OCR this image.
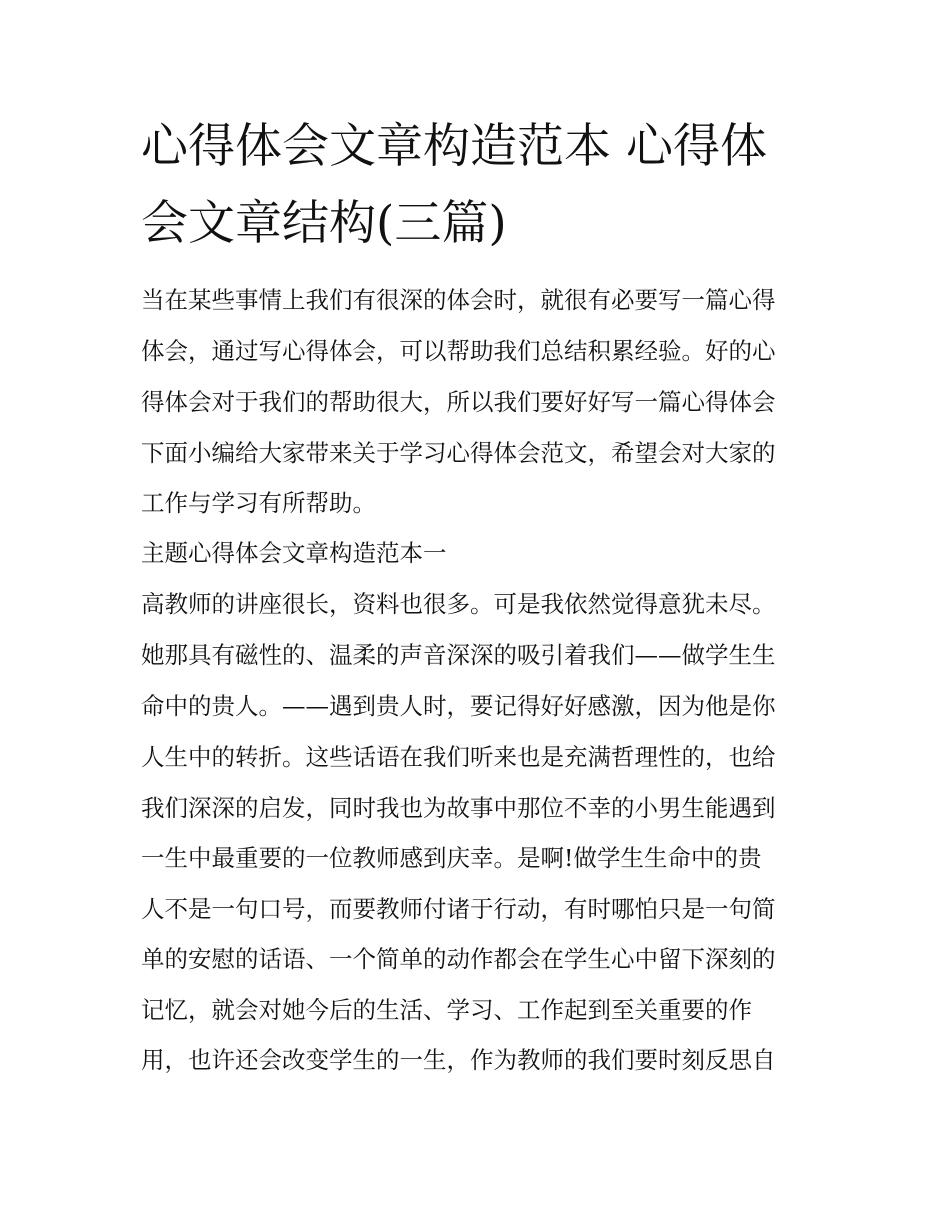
心得体会文章构造范本 心得体
会文章结构(三篇)
当在某些事情上我们有很深的体会时，就很有必要写一篇心得
体会，通过写心得体会，可以帮助我们总结积累经验。好的心
得体会对于我们的帮助很大，所以我们要好好写一篇心得体会
下面小编给大家带来关于学习心得体会范文，希望会对大家的
工作与学习有所帮助。
主题心得体会文章构造范本一
高教师的讲座很长，资料也很多。可是我依然觉得意犹未尽。
她那具有磁性的、温柔的声音深深的吸引着我们——做学生生
命中的贵人。——遇到贵人时，要记得好好感激，因为他是你
人生中的转折。这些话语在我们听来也是充满哲理性的，也给
我们深深的启发，同时我也为故事中那位不幸的小男生能遇到
一生中最重要的一位教师感到庆幸。是啊!做学生生命中的贵
人不是一句口号，而要教师付诸于行动，有时哪怕只是一句简
单的安慰的话语、一个简单的动作都会在学生心中留下深刻的
记忆，就会对她今后的生活、学习、工作起到至关重要的作
用，也许还会改变学生的一生，作为教师的我们要时刻反思自
